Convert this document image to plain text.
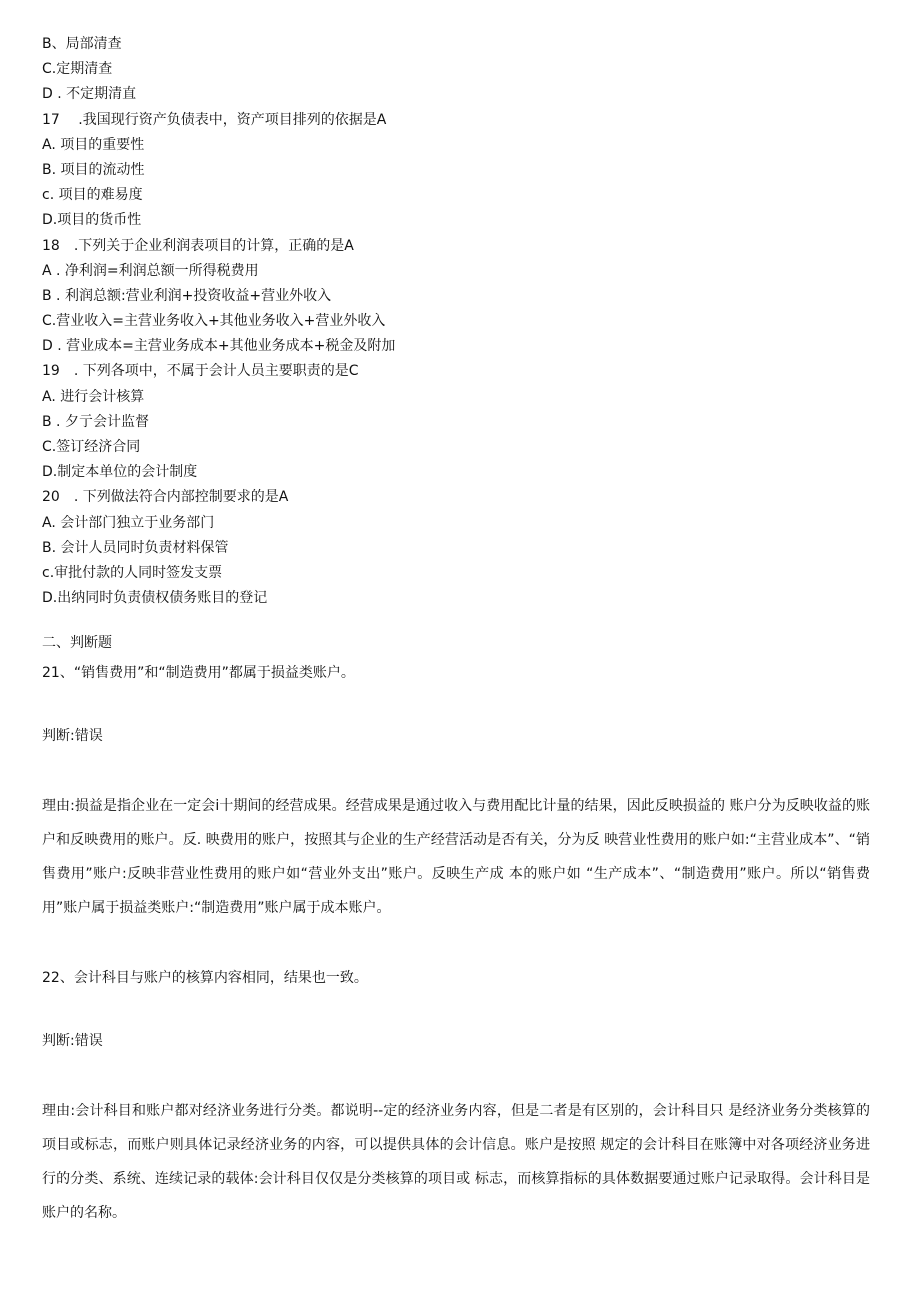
B、局部清查
C.定期清查
D . 不定期清直
17　 .我国现行资产负债表中，资产项目排列的依据是A
A. 项目的重要性
B. 项目的流动性
c. 项目的难易度
D.项目的货币性
18　.下列关于企业利润表项目的计算，正确的是A
A . 净利润=利润总额一所得税费用
B . 利润总额:营业利润+投资收益+营业外收入
C.营业收入=主营业务收入+其他业务收入+营业外收入
D . 营业成本=主营业务成本+其他业务成本+税金及附加
19　. 下列各项中，不属于会计人员主要职责的是C
A. 进行会计核算
B . 夕亍会计监督
C.签订经济合同
D.制定本单位的会计制度
20　. 下列做法符合内部控制要求的是A
A. 会计部门独立于业务部门
B. 会计人员同时负责材料保管
c.审批付款的人同时签发支票
D.出纳同时负责债权债务账目的登记
二、判断题
21、“销售费用”和“制造费用”都属于损益类账户。
判断:错误
理由:损益是指企业在一定会i十期间的经营成果。经营成果是通过收入与费用配比计量的结果，因此反映损益的 账户分为反映收益的账户和反映费用的账户。反. 映费用的账户，按照其与企业的生产经营活动是否有关，分为反 映营业性费用的账户如:“主营业成本”、“销售费用”账户:反映非营业性费用的账户如“营业外支出”账户。反映生产成 本的账户如 “生产成本”、“制造费用”账户。所以“销售费用”账户属于损益类账户:“制造费用”账户属于成本账户。
22、会计科目与账户的核算内容相同，结果也一致。
判断:错误
理由:会计科目和账户都对经济业务进行分类。都说明--定的经济业务内容，但是二者是有区别的，会计科目只 是经济业务分类核算的项目或标志，而账户则具体记录经济业务的内容，可以提供具体的会计信息。账户是按照 规定的会计科目在账簿中对各项经济业务进行的分类、系统、连续记录的载体:会计科目仅仅是分类核算的项目或 标志，而核算指标的具体数据要通过账户记录取得。会计科目是账户的名称。
